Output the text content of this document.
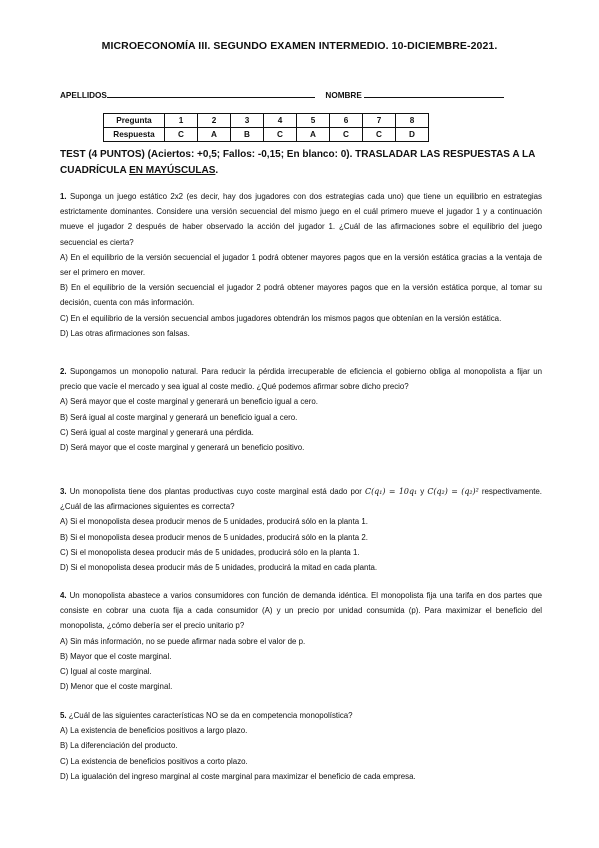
MICROECONOMÍA III. SEGUNDO EXAMEN INTERMEDIO. 10-DICIEMBRE-2021.
APELLIDOS	NOMBRE
Pregunta	1	2	3	4	5	6	7	8
Respuesta	C	A	B	C	A	C	C	D
TEST (4 PUNTOS) (Aciertos: +0,5; Fallos: -0,15; En blanco: 0). TRASLADAR LAS RESPUESTAS A LA CUADRÍCULA EN MAYÚSCULAS.

1. Suponga un juego estático 2x2 (es decir, hay dos jugadores con dos estrategias cada uno) que tiene un equilibrio en estrategias estrictamente dominantes. Considere una versión secuencial del mismo juego en el cuál primero mueve el jugador 1 y a continuación mueve el jugador 2 después de haber observado la acción del jugador 1. ¿Cuál de las afirmaciones sobre el equilibrio del juego secuencial es cierta?

A) En el equilibrio de la versión secuencial el jugador 1 podrá obtener mayores pagos que en la versión estática gracias a la ventaja de ser el primero en mover.

B) En el equilibrio de la versión secuencial el jugador 2 podrá obtener mayores pagos que en la versión estática porque, al tomar su decisión, cuenta con más información.

C) En el equilibrio de la versión secuencial ambos jugadores obtendrán los mismos pagos que obtenían en la versión estática.

D) Las otras afirmaciones son falsas.

2. Supongamos un monopolio natural. Para reducir la pérdida irrecuperable de eficiencia el gobierno obliga al monopolista a fijar un precio que vacíe el mercado y sea igual al coste medio. ¿Qué podemos afirmar sobre dicho precio?

A) Será mayor que el coste marginal y generará un beneficio igual a cero.

B) Será igual al coste marginal y generará un beneficio igual a cero.

C) Será igual al coste marginal y generará una pérdida.

D) Será mayor que el coste marginal y generará un beneficio positivo.

3. Un monopolista tiene dos plantas productivas cuyo coste marginal está dado por C(q₁) = 10q₁ y C(q₂) = (q₂)² respectivamente. ¿Cuál de las afirmaciones siguientes es correcta?

A) Si el monopolista desea producir menos de 5 unidades, producirá sólo en la planta 1.

B) Si el monopolista desea producir menos de 5 unidades, producirá sólo en la planta 2.

C) Si el monopolista desea producir más de 5 unidades, producirá sólo en la planta 1.

D) Si el monopolista desea producir más de 5 unidades, producirá la mitad en cada planta.

4. Un monopolista abastece a varios consumidores con función de demanda idéntica. El monopolista fija una tarifa en dos partes que consiste en cobrar una cuota fija a cada consumidor (A) y un precio por unidad consumida (p). Para maximizar el beneficio del monopolista, ¿cómo debería ser el precio unitario p?

A) Sin más información, no se puede afirmar nada sobre el valor de p.

B) Mayor que el coste marginal.

C) Igual al coste marginal.

D) Menor que el coste marginal.

5. ¿Cuál de las siguientes características NO se da en competencia monopolística?

A) La existencia de beneficios positivos a largo plazo.

B) La diferenciación del producto.

C) La existencia de beneficios positivos a corto plazo.

D) La igualación del ingreso marginal al coste marginal para maximizar el beneficio de cada empresa.
